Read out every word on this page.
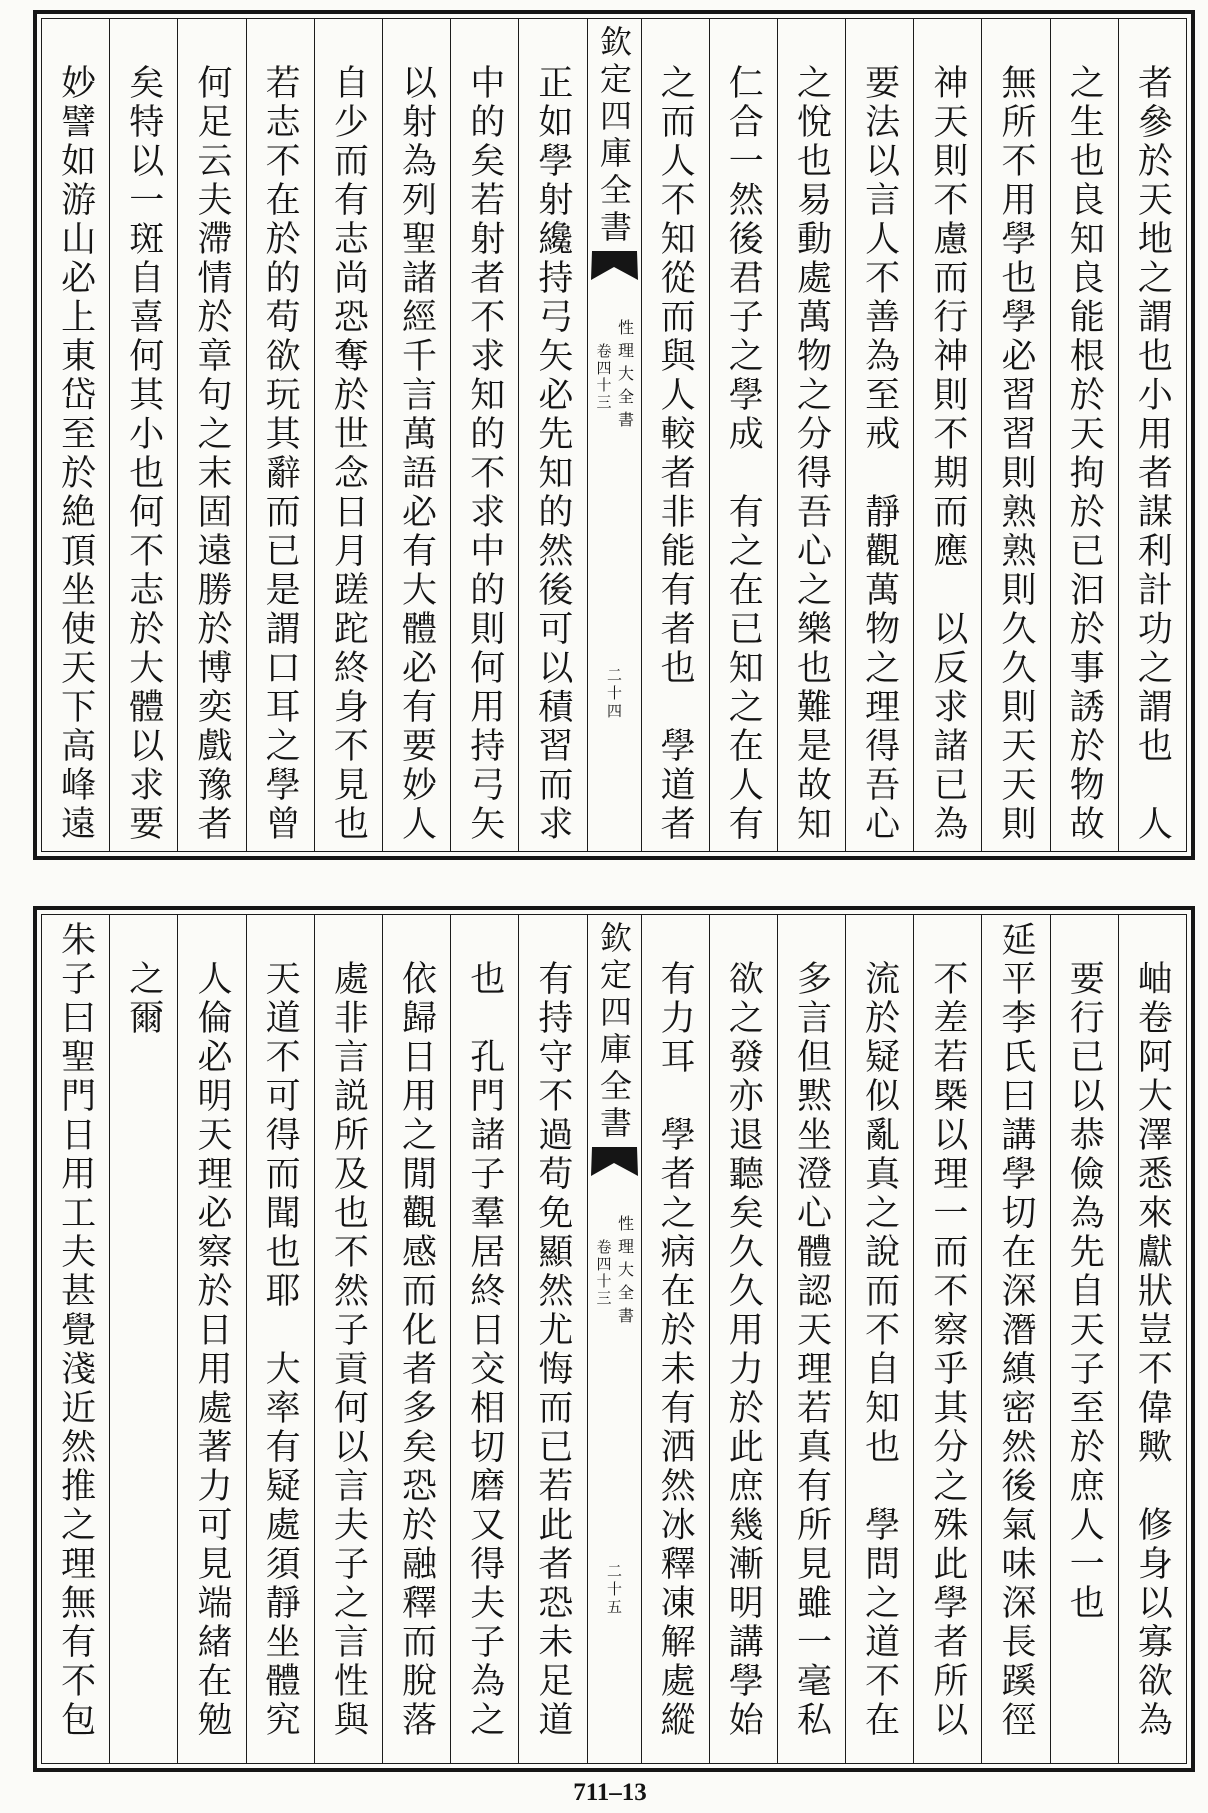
者參於天地之謂也小用者謀利計功之謂也　人
之生也良知良能根於天拘於已汩於事誘於物故
無所不用學也學必習習則熟熟則久久則天天則
神天則不慮而行神則不期而應　以反求諸已為
要法以言人不善為至戒　靜觀萬物之理得吾心
之悅也易動處萬物之分得吾心之樂也難是故知
仁合一然後君子之學成　有之在已知之在人有
之而人不知從而與人較者非能有者也　學道者
欽定四庫全書
性理大全書
卷四十三
二十四
正如學射纔持弓矢必先知的然後可以積習而求
中的矣若射者不求知的不求中的則何用持弓矢
以射為列聖諸經千言萬語必有大體必有要妙人
自少而有志尚恐奪於世念日月蹉跎終身不見也
若志不在於的苟欲玩其辭而已是謂口耳之學曾
何足云夫滯情於章句之末固遠勝於博奕戲豫者
矣特以一斑自喜何其小也何不志於大體以求要
妙譬如游山必上東岱至於絶頂坐使天下高峰遠
岫卷阿大澤悉來獻狀豈不偉歟　修身以寡欲為
要行已以恭儉為先自天子至於庶人一也
延平李氏曰講學切在深潛縝密然後氣味深長蹊徑
不差若槩以理一而不察乎其分之殊此學者所以
流於疑似亂真之說而不自知也　學問之道不在
多言但黙坐澄心體認天理若真有所見雖一毫私
欲之發亦退聽矣久久用力於此庶幾漸明講學始
有力耳　學者之病在於未有洒然冰釋凍解處縱
欽定四庫全書
性理大全書
卷四十三
二十五
有持守不過苟免顯然尤悔而已若此者恐未足道
也　孔門諸子羣居終日交相切磨又得夫子為之
依歸日用之閒觀感而化者多矣恐於融釋而脫落
處非言説所及也不然子貢何以言夫子之言性與
天道不可得而聞也耶　大率有疑處須靜坐體究
人倫必明天理必察於日用處著力可見端緒在勉
之爾
朱子曰聖門日用工夫甚覺淺近然推之理無有不包
711–13
